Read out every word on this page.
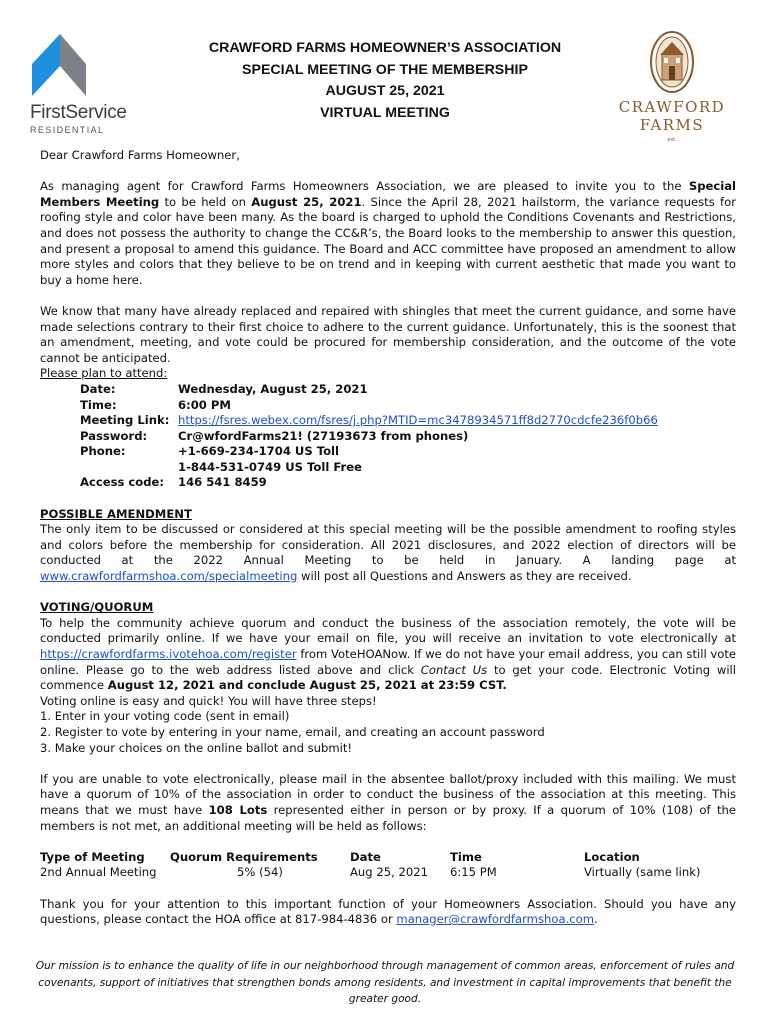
FirstService
RESIDENTIAL
CRAWFORD FARMS HOMEOWNER’S ASSOCIATION
SPECIAL MEETING OF THE MEMBERSHIP
AUGUST 25, 2021
VIRTUAL MEETING	CRAWFORD
FARMS
est.

Dear Crawford Farms Homeowner,

As managing agent for Crawford Farms Homeowners Association, we are pleased to invite you to the Special Members Meeting to be held on August 25, 2021. Since the April 28, 2021 hailstorm, the variance requests for roofing style and color have been many. As the board is charged to uphold the Conditions Covenants and Restrictions, and does not possess the authority to change the CC&R’s, the Board looks to the membership to answer this question, and present a proposal to amend this guidance. The Board and ACC committee have proposed an amendment to allow more styles and colors that they believe to be on trend and in keeping with current aesthetic that made you want to buy a home here.

We know that many have already replaced and repaired with shingles that meet the current guidance, and some have made selections contrary to their first choice to adhere to the current guidance. Unfortunately, this is the soonest that an amendment, meeting, and vote could be procured for membership consideration, and the outcome of the vote cannot be anticipated.

Please plan to attend:

Date:	Wednesday, August 25, 2021
Time:	6:00 PM
Meeting Link: https://fsres.webex.com/fsres/j.php?MTID=mc3478934571ff8d2770cdcfe236f0b66
Password:	Cr@wfordFarms21! (27193673 from phones)
Phone:	+1-669-234-1704 US Toll
1-844-531-0749 US Toll Free
Access code:	146 541 8459

POSSIBLE AMENDMENT

The only item to be discussed or considered at this special meeting will be the possible amendment to roofing styles and colors before the membership for consideration. All 2021 disclosures, and 2022 election of directors will be conducted at the 2022 Annual Meeting to be held in January. A landing page at www.crawfordfarmshoa.com/specialmeeting will post all Questions and Answers as they are received.

VOTING/QUORUM

To help the community achieve quorum and conduct the business of the association remotely, the vote will be conducted primarily online. If we have your email on file, you will receive an invitation to vote electronically at https://crawfordfarms.ivotehoa.com/register from VoteHOANow. If we do not have your email address, you can still vote online. Please go to the web address listed above and click Contact Us to get your code. Electronic Voting will commence August 12, 2021 and conclude August 25, 2021 at 23:59 CST.

Voting online is easy and quick! You will have three steps!

1. Enter in your voting code (sent in email)

2. Register to vote by entering in your name, email, and creating an account password

3. Make your choices on the online ballot and submit!

If you are unable to vote electronically, please mail in the absentee ballot/proxy included with this mailing. We must have a quorum of 10% of the association in order to conduct the business of the association at this meeting. This means that we must have 108 Lots represented either in person or by proxy. If a quorum of 10% (108) of the members is not met, an additional meeting will be held as follows:

Type of Meeting	Quorum Requirements	Date	Time	Location
2nd Annual Meeting	5% (54)	Aug 25, 2021	6:15 PM	Virtually (same link)

Thank you for your attention to this important function of your Homeowners Association. Should you have any questions, please contact the HOA office at 817-984-4836 or manager@crawfordfarmshoa.com.

Our mission is to enhance the quality of life in our neighborhood through management of common areas, enforcement of rules and covenants, support of initiatives that strengthen bonds among residents, and investment in capital improvements that benefit the greater good.
